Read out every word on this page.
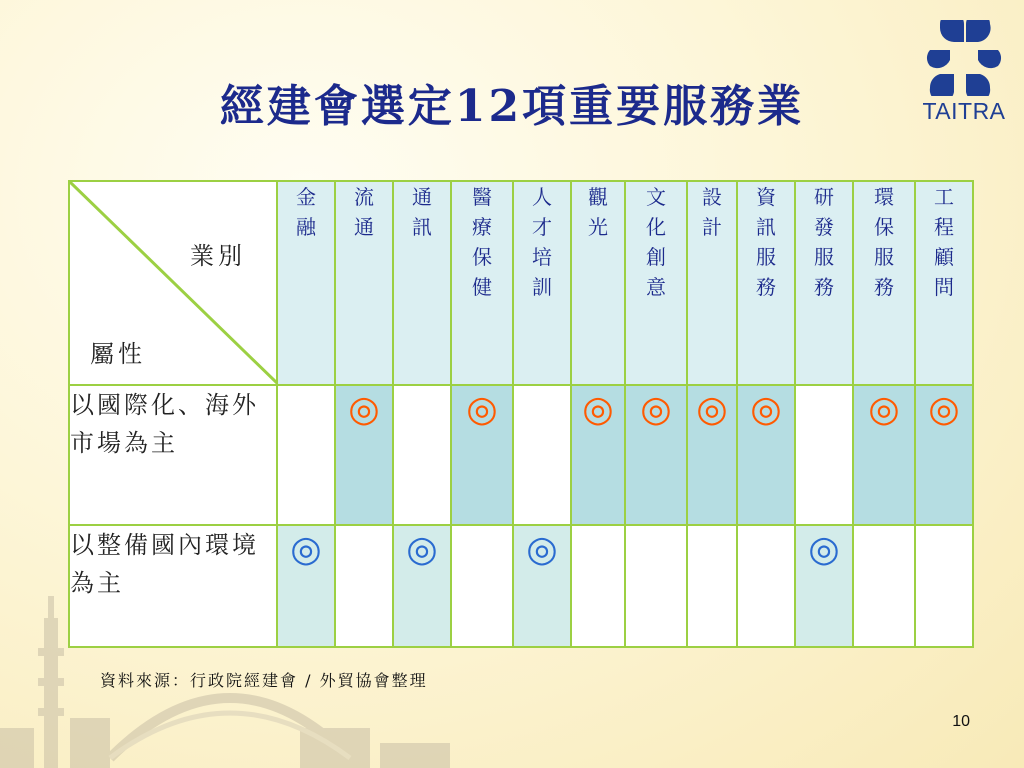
TAITRA
經建會選定12項重要服務業
業別
屬性	金融	流通	通訊	醫療保健	人才培訓	觀光	文化創意	設計	資訊服務	研發服務	環保服務	工程顧問
以國際化、海外市場為主		◎		◎		◎	◎	◎	◎		◎	◎
以整備國內環境為主	◎		◎		◎					◎		
資料來源：行政院經建會 / 外貿協會整理
10
